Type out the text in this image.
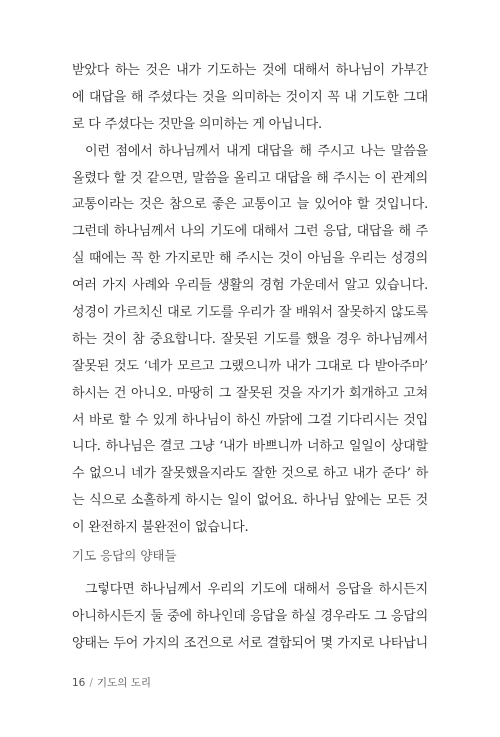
받았다 하는 것은 내가 기도하는 것에 대해서 하나님이 가부간
에 대답을 해 주셨다는 것을 의미하는 것이지 꼭 내 기도한 그대
로 다 주셨다는 것만을 의미하는 게 아닙니다.
이런 점에서 하나님께서 내게 대답을 해 주시고 나는 말씀을
올렸다 할 것 같으면, 말씀을 올리고 대답을 해 주시는 이 관계의
교통이라는 것은 참으로 좋은 교통이고 늘 있어야 할 것입니다.
그런데 하나님께서 나의 기도에 대해서 그런 응답, 대답을 해 주
실 때에는 꼭 한 가지로만 해 주시는 것이 아님을 우리는 성경의
여러 가지 사례와 우리들 생활의 경험 가운데서 알고 있습니다.
성경이 가르치신 대로 기도를 우리가 잘 배워서 잘못하지 않도록
하는 것이 참 중요합니다. 잘못된 기도를 했을 경우 하나님께서
잘못된 것도 ‘네가 모르고 그랬으니까 내가 그대로 다 받아주마’
하시는 건 아니오. 마땅히 그 잘못된 것을 자기가 회개하고 고쳐
서 바로 할 수 있게 하나님이 하신 까닭에 그걸 기다리시는 것입
니다. 하나님은 결코 그냥 ‘내가 바쁘니까 너하고 일일이 상대할
수 없으니 네가 잘못했을지라도 잘한 것으로 하고 내가 준다’ 하
는 식으로 소홀하게 하시는 일이 없어요. 하나님 앞에는 모든 것
이 완전하지 불완전이 없습니다.
기도 응답의 양태들
그렇다면 하나님께서 우리의 기도에 대해서 응답을 하시든지
아니하시든지 둘 중에 하나인데 응답을 하실 경우라도 그 응답의
양태는 두어 가지의 조건으로 서로 결합되어 몇 가지로 나타납니
16 / 기도의 도리
